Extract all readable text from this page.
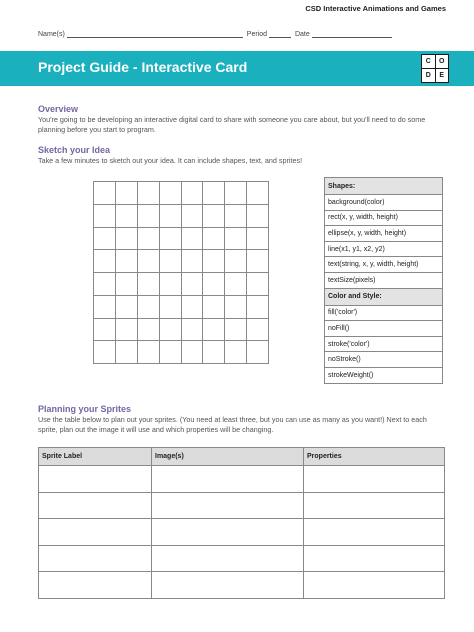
CSD Interactive Animations and Games
Name(s)	Period	Date
Project Guide - Interactive Card	C	O
D	E
Overview
You're going to be developing an interactive digital card to share with someone you care about, but you'll need to do some planning before you start to program.
Sketch your Idea
Take a few minutes to sketch out your idea. It can include shapes, text, and sprites!

Shapes:
background(color)
rect(x, y, width, height)
ellipse(x, y, width, height)
line(x1, y1, x2, y2)
text(string, x, y, width, height)
textSize(pixels)
Color and Style:
fill('color')
noFill()
stroke('color')
noStroke()
strokeWeight()
Planning your Sprites
Use the table below to plan out your sprites. (You need at least three, but you can use as many as you want!) Next to each sprite, plan out the image it will use and which properties will be changing.
Sprite Label	Image(s)	Properties
